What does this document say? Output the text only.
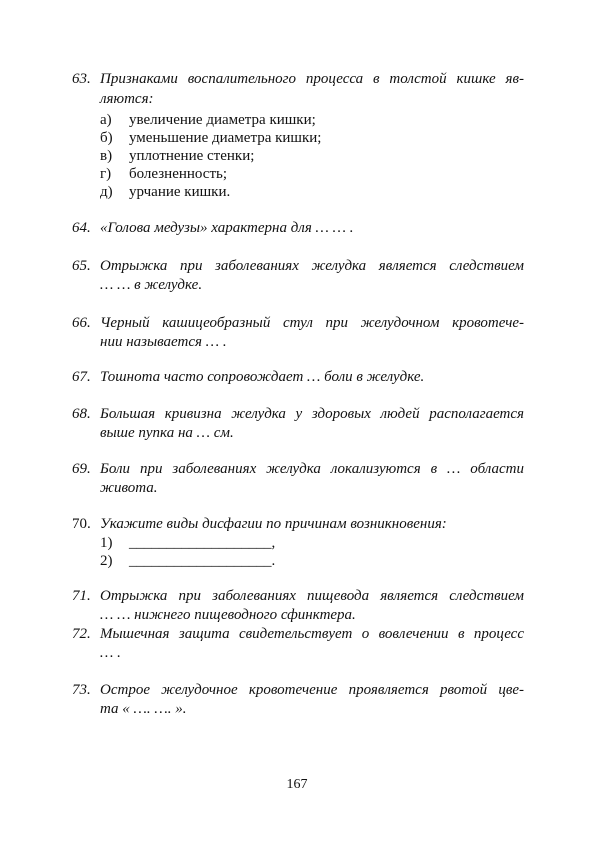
63. Признаками воспалительного процесса в толстой кишке яв-
ляются:
а) увеличение диаметра кишки;
б) уменьшение диаметра кишки;
в) уплотнение стенки;
г) болезненность;
д) урчание кишки.
64. «Голова медузы» характерна для … … .
65. Отрыжка при заболеваниях желудка является следствием
… … в желудке.
66. Черный кашицеобразный стул при желудочном кровотече-
нии называется … .
67. Тошнота часто сопровождает … боли в желудке.
68. Большая кривизна желудка у здоровых людей располагается
выше пупка на … см.
69. Боли при заболеваниях желудка локализуются в … области
живота.
70. Укажите виды дисфагии по причинам возникновения:
1) ___________________,
2) ___________________.
71. Отрыжка при заболеваниях пищевода является следствием
… … нижнего пищеводного сфинктера.
72. Мышечная защита свидетельствует о вовлечении в процесс
… .
73. Острое желудочное кровотечение проявляется рвотой цве-
та « …. …. ».
167
